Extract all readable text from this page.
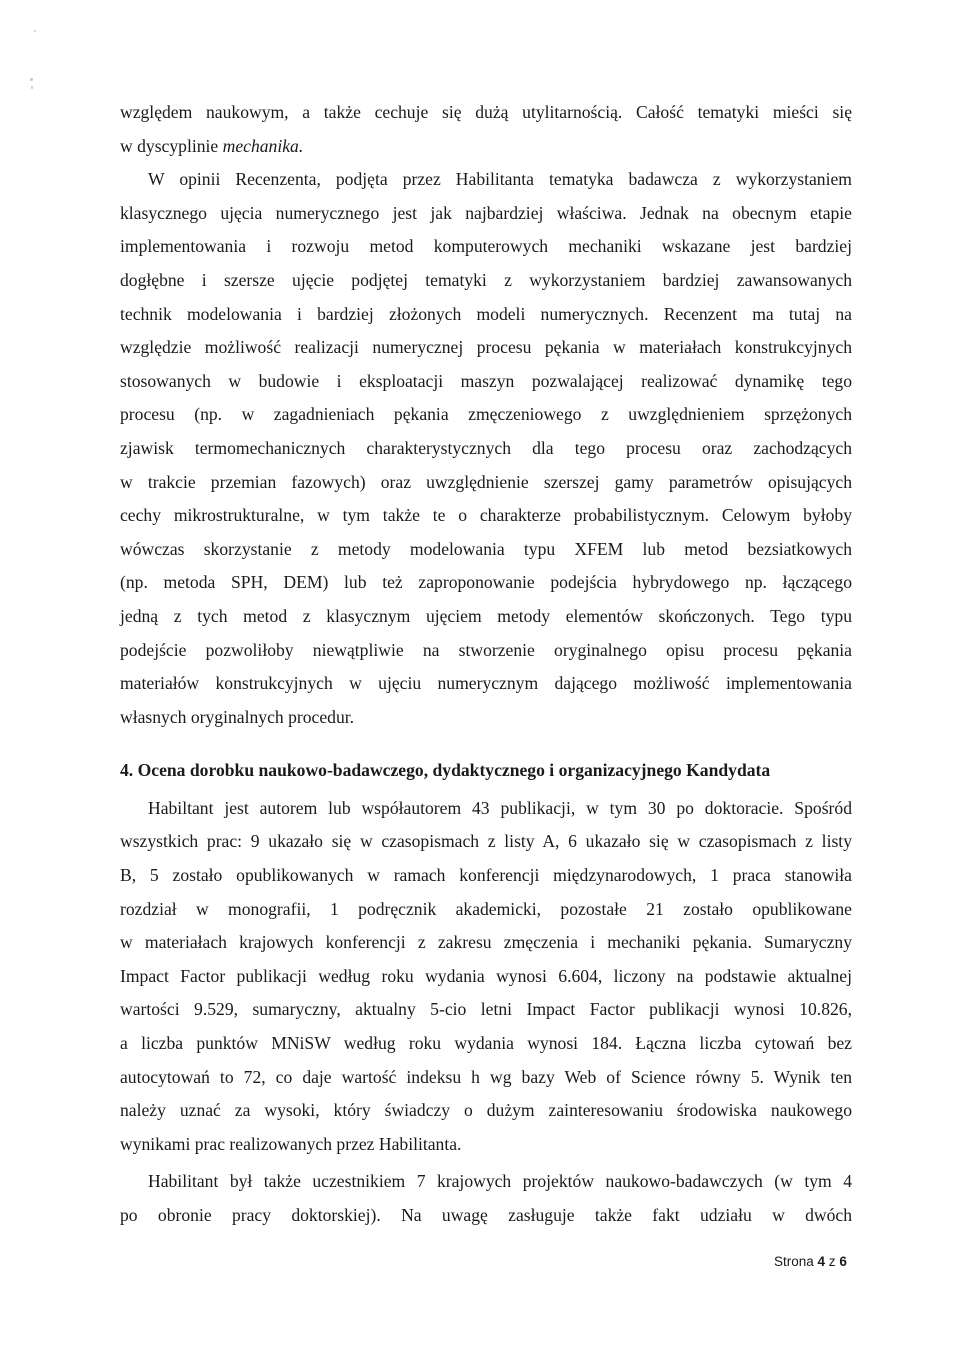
względem naukowym, a także cechuje się dużą utylitarnością. Całość tematyki mieści się
w dyscyplinie mechanika.

W opinii Recenzenta, podjęta przez Habilitanta tematyka badawcza z wykorzystaniem
klasycznego ujęcia numerycznego jest jak najbardziej właściwa. Jednak na obecnym etapie
implementowania i rozwoju metod komputerowych mechaniki wskazane jest bardziej
dogłębne i szersze ujęcie podjętej tematyki z wykorzystaniem bardziej zawansowanych
technik modelowania i bardziej złożonych modeli numerycznych. Recenzent ma tutaj na
względzie możliwość realizacji numerycznej procesu pękania w materiałach konstrukcyjnych
stosowanych w budowie i eksploatacji maszyn pozwalającej realizować dynamikę tego
procesu (np. w zagadnieniach pękania zmęczeniowego z uwzględnieniem sprzężonych
zjawisk termomechanicznych charakterystycznych dla tego procesu oraz zachodzących
w trakcie przemian fazowych) oraz uwzględnienie szerszej gamy parametrów opisujących
cechy mikrostrukturalne, w tym także te o charakterze probabilistycznym. Celowym byłoby
wówczas skorzystanie z metody modelowania typu XFEM lub metod bezsiatkowych
(np. metoda SPH, DEM) lub też zaproponowanie podejścia hybrydowego np. łączącego
jedną z tych metod z klasycznym ujęciem metody elementów skończonych. Tego typu
podejście pozwoliłoby niewątpliwie na stworzenie oryginalnego opisu procesu pękania
materiałów konstrukcyjnych w ujęciu numerycznym dającego możliwość implementowania
własnych oryginalnych procedur.

4. Ocena dorobku naukowo-badawczego, dydaktycznego i organizacyjnego Kandydata

Habiltant jest autorem lub współautorem 43 publikacji, w tym 30 po doktoracie. Spośród
wszystkich prac: 9 ukazało się w czasopismach z listy A, 6 ukazało się w czasopismach z listy
B, 5 zostało opublikowanych w ramach konferencji międzynarodowych, 1 praca stanowiła
rozdział w monografii, 1 podręcznik akademicki, pozostałe 21 zostało opublikowane
w materiałach krajowych konferencji z zakresu zmęczenia i mechaniki pękania. Sumaryczny
Impact Factor publikacji według roku wydania wynosi 6.604, liczony na podstawie aktualnej
wartości 9.529, sumaryczny, aktualny 5-cio letni Impact Factor publikacji wynosi 10.826,
a liczba punktów MNiSW według roku wydania wynosi 184. Łączna liczba cytowań bez
autocytowań to 72, co daje wartość indeksu h wg bazy Web of Science równy 5. Wynik ten
należy uznać za wysoki, który świadczy o dużym zainteresowaniu środowiska naukowego
wynikami prac realizowanych przez Habilitanta.

Habilitant był także uczestnikiem 7 krajowych projektów naukowo-badawczych (w tym 4
po obronie pracy doktorskiej). Na uwagę zasługuje także fakt udziału w dwóch

Strona 4 z 6
